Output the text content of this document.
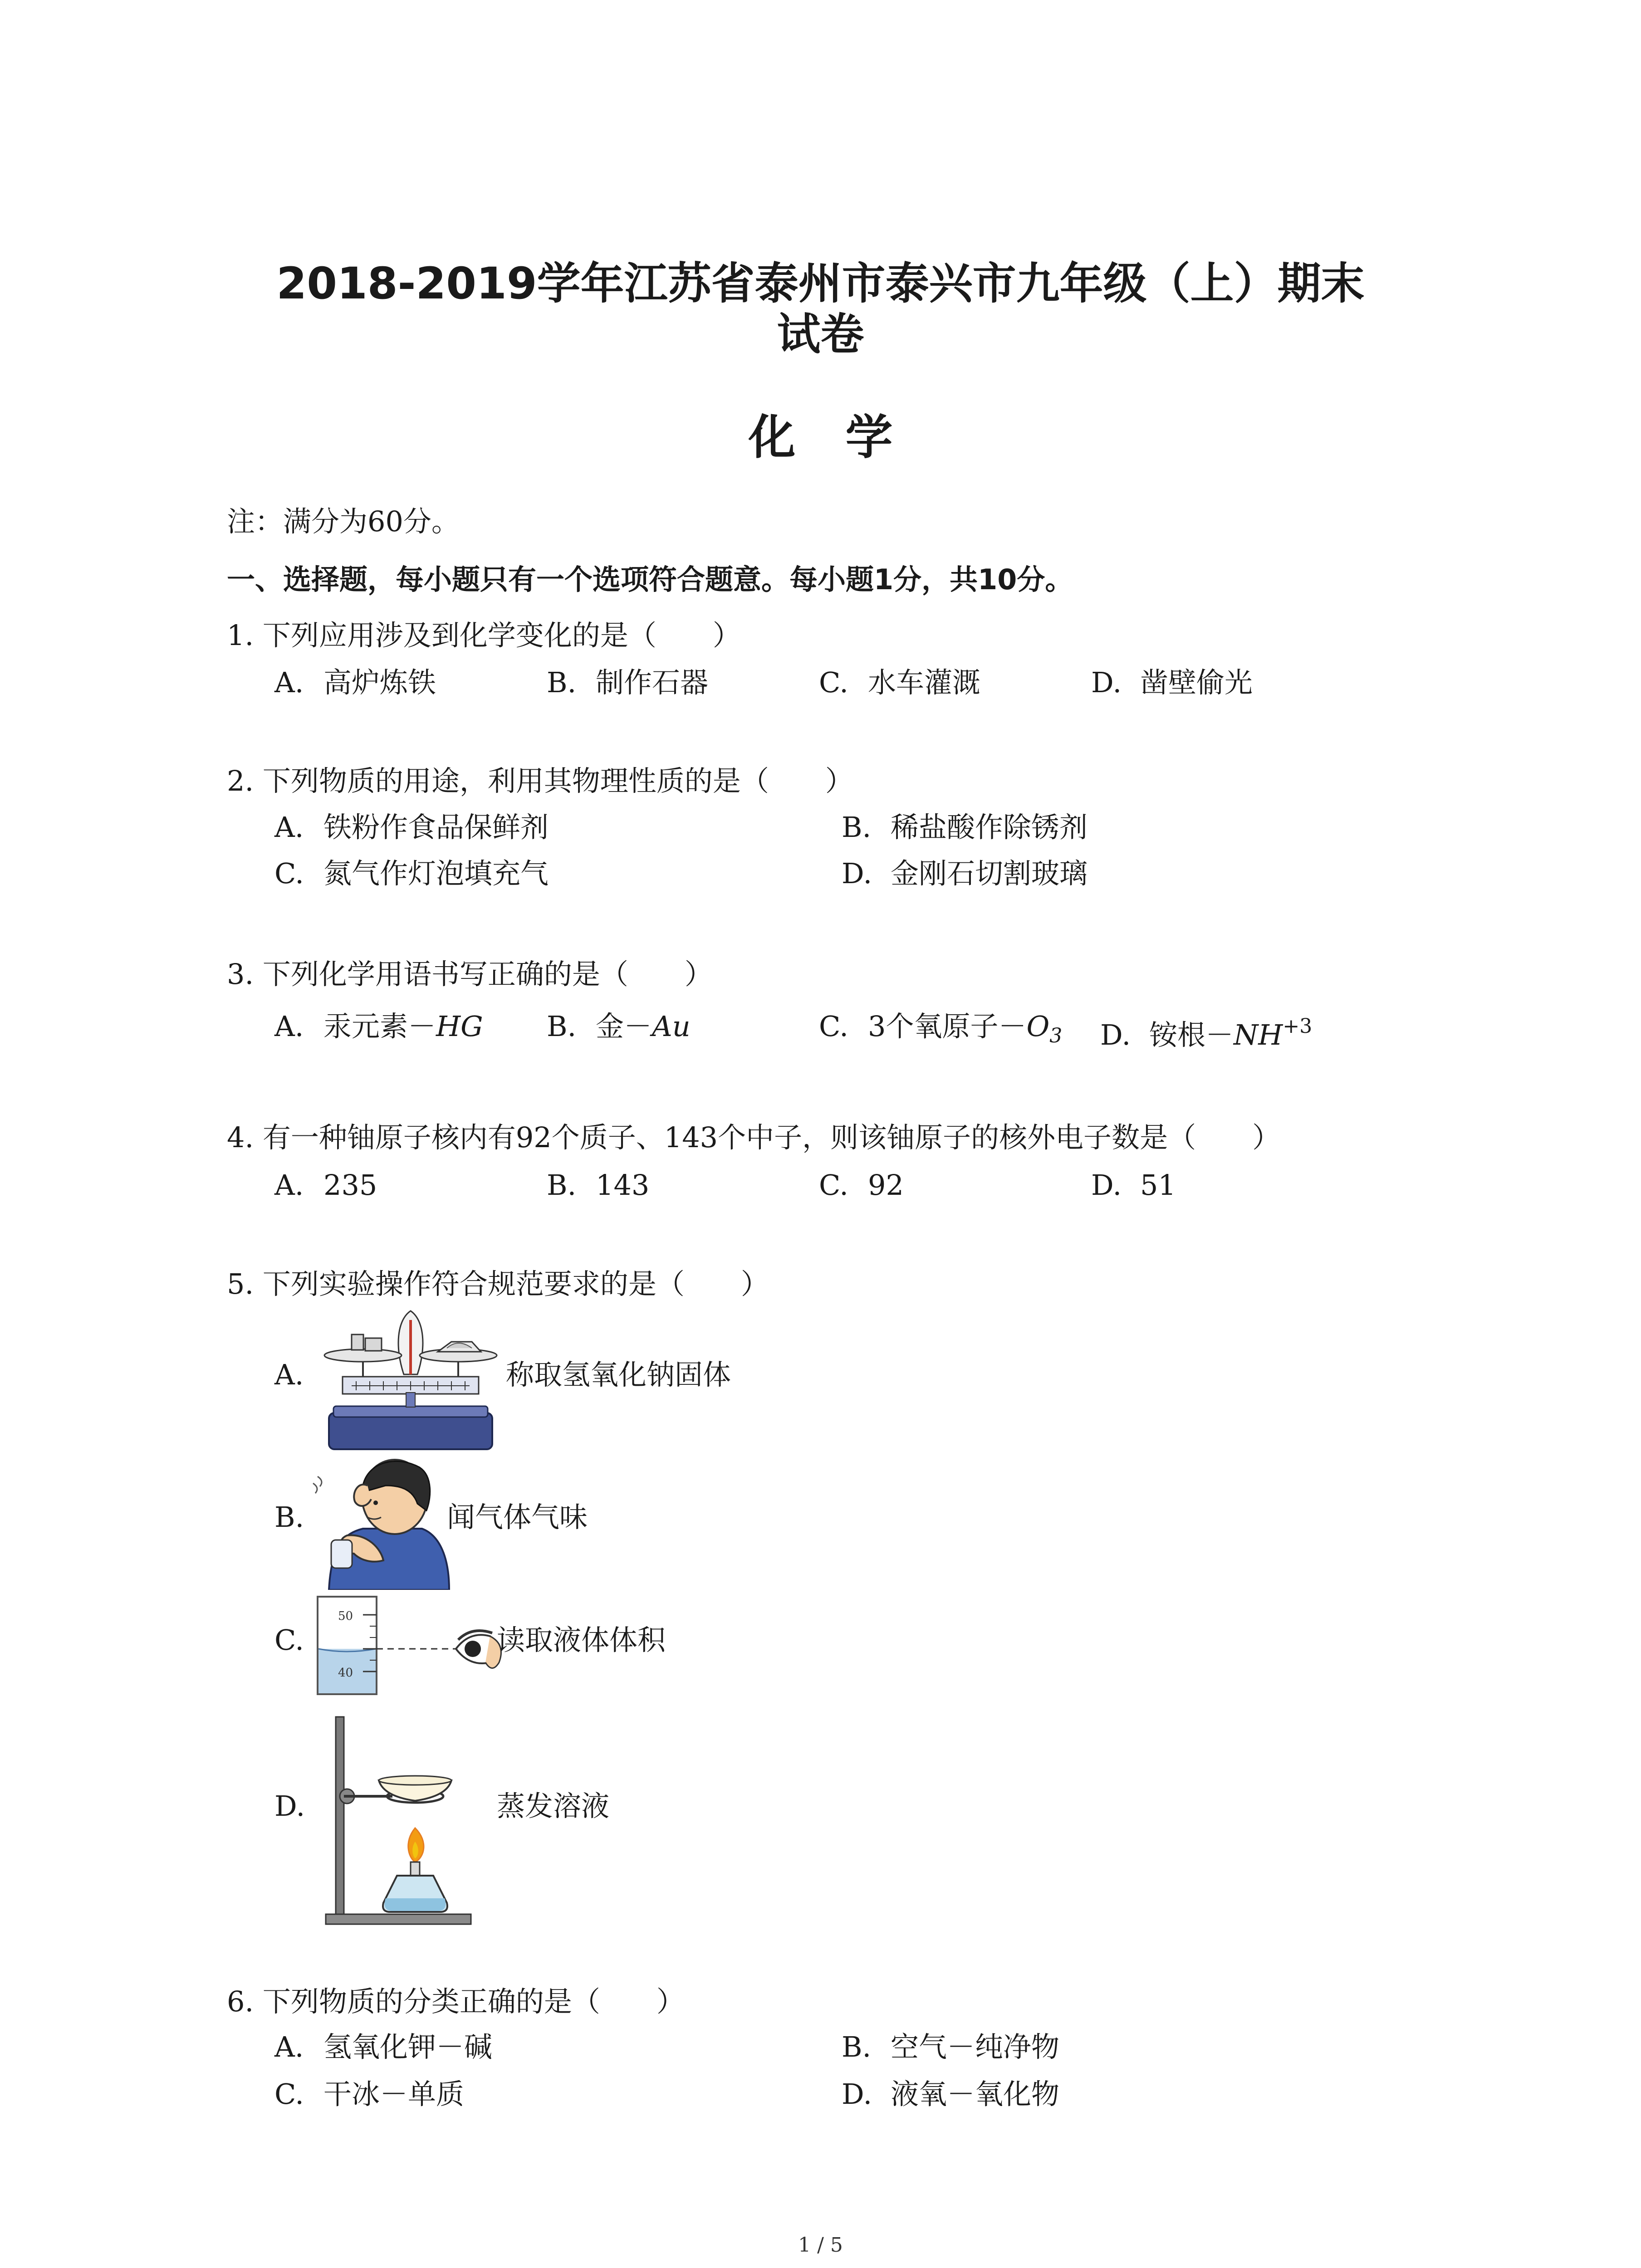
2018-2019学年江苏省泰州市泰兴市九年级（上）期末
试卷
化学
注：满分为60分。
一、选择题，每小题只有一个选项符合题意。每小题1分，共10分。
1. 下列应用涉及到化学变化的是（　　）
A. 高炉炼铁	B. 制作石器	C. 水车灌溉	D. 凿壁偷光
2. 下列物质的用途，利用其物理性质的是（　　）
A. 铁粉作食品保鲜剂	B. 稀盐酸作除锈剂
C. 氮气作灯泡填充气	D. 金刚石切割玻璃
3. 下列化学用语书写正确的是（　　）
A. 汞元素－HG B. 金－Au	C. 3个氧原子$-O_3$ D. 铵根$-NH^{+3}$
4. 有一种铀原子核内有92个质子、143个中子，则该铀原子的核外电子数是（　　）
A. 235	B. 143	C. 92	D. 51
5. 下列实验操作符合规范要求的是（　　）
A.	称取氢氧化钠固体
B.	闻气体气味
C.
50
40
读取液体体积
D.	蒸发溶液
6. 下列物质的分类正确的是（　　）
A. 氢氧化钾－碱	B. 空气－纯净物
C. 干冰－单质	D. 液氧－氧化物
1 / 5
